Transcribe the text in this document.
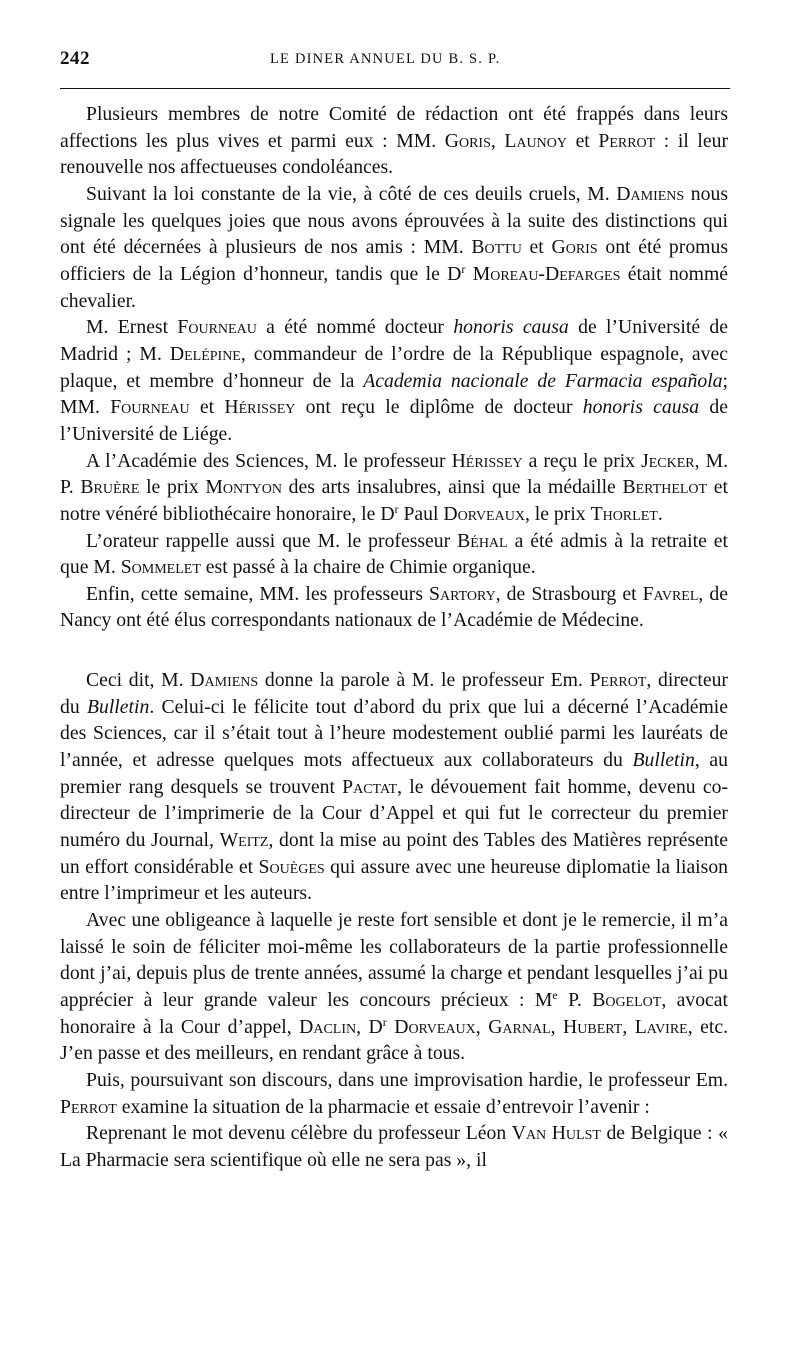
242	LE DINER ANNUEL DU B. S. P.

Plusieurs membres de notre Comité de rédaction ont été frappés dans leurs affections les plus vives et parmi eux : MM. Goris, Launoy et Perrot : il leur renouvelle nos affectueuses condoléances.

Suivant la loi constante de la vie, à côté de ces deuils cruels, M. Damiens nous signale les quelques joies que nous avons éprouvées à la suite des distinctions qui ont été décernées à plusieurs de nos amis : MM. Bottu et Goris ont été promus officiers de la Légion d’honneur, tandis que le $D^r$ Moreau-Defarges était nommé chevalier.

M. Ernest Fourneau a été nommé docteur honoris causa de l’Université de Madrid ; M. Delépine, commandeur de l’ordre de la République espagnole, avec plaque, et membre d’honneur de la Academia nacionale de Farmacia española; MM. Fourneau et Hérissey ont reçu le diplôme de docteur honoris causa de l’Université de Liége.

A l’Académie des Sciences, M. le professeur Hérissey a reçu le prix Jecker, M. P. Bruère le prix Montyon des arts insalubres, ainsi que la médaille Berthelot et notre vénéré bibliothécaire honoraire, le $D^r$ Paul Dorveaux, le prix Thorlet.

L’orateur rappelle aussi que M. le professeur Béhal a été admis à la retraite et que M. Sommelet est passé à la chaire de Chimie organique.

Enfin, cette semaine, MM. les professeurs Sartory, de Strasbourg et Favrel, de Nancy ont été élus correspondants nationaux de l’Académie de Médecine.

Ceci dit, M. Damiens donne la parole à M. le professeur Em. Perrot, directeur du Bulletin. Celui-ci le félicite tout d’abord du prix que lui a décerné l’Académie des Sciences, car il s’était tout à l’heure modestement oublié parmi les lauréats de l’année, et adresse quelques mots affectueux aux collaborateurs du Bulletin, au premier rang desquels se trouvent Pactat, le dévouement fait homme, devenu co-directeur de l’imprimerie de la Cour d’Appel et qui fut le correcteur du premier numéro du Journal, Weitz, dont la mise au point des Tables des Matières représente un effort considérable et Souèges qui assure avec une heureuse diplomatie la liaison entre l’imprimeur et les auteurs.

Avec une obligeance à laquelle je reste fort sensible et dont je le remercie, il m’a laissé le soin de féliciter moi-même les collaborateurs de la partie professionnelle dont j’ai, depuis plus de trente années, assumé la charge et pendant lesquelles j’ai pu apprécier à leur grande valeur les concours précieux : Me P. Bogelot, avocat honoraire à la Cour d’appel, Daclin, $D^r$ Dorveaux, Garnal, Hubert, Lavire, etc. J’en passe et des meilleurs, en rendant grâce à tous.

Puis, poursuivant son discours, dans une improvisation hardie, le professeur Em. Perrot examine la situation de la pharmacie et essaie d’entrevoir l’avenir :

Reprenant le mot devenu célèbre du professeur Léon Van Hulst de Belgique : « La Pharmacie sera scientifique où elle ne sera pas », il
